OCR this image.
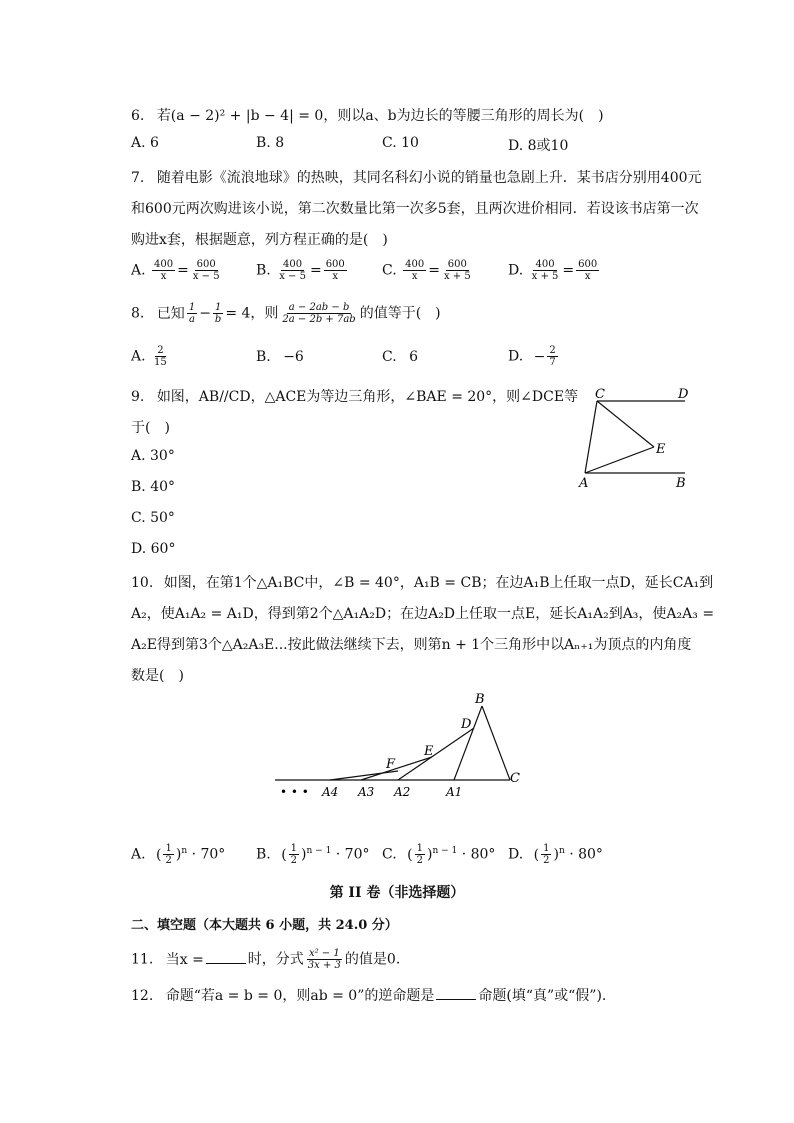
6. 若(a − 2)² + |b − 4| = 0，则以a、b为边长的等腰三角形的周长为(　)
A. 6	B. 8	C. 10	D. 8或10
7. 随着电影《流浪地球》的热映，其同名科幻小说的销量也急剧上升．某书店分别用400元
和600元两次购进该小说，第二次数量比第一次多5套，且两次进价相同．若设该书店第一次
购进x套，根据题意，列方程正确的是(　)
A. $\frac{400}{x} = \frac{600}{x - 5} B$. $\frac{400}{x - 5} = \frac{600}{x}$	C. $\frac{400}{x} = \frac{600}{x + 5}$	D. $\frac{400}{x + 5} = \frac{600}{x}$
8. 已知 $\frac{1}{a} - \frac{1}{b} = 4$，则 $\frac{a - 2ab - b}{2a - 2b + 7ab}$ 的值等于(　)
A. $\frac{2}{15}$	B. −6	C. 6	D. − $\frac{2}{7}$
9. 如图，AB//CD，△ACE为等边三角形，∠BAE = 20°，则∠DCE等
于(　)
A. 30°
B. 40°
C. 50°
D. 60°
C	D
E
A	B
10. 如图，在第1个△A₁BC中，∠B = 40°，A₁B = CB；在边A₁B上任取一点D，延长CA₁到
A₂，使A₁A₂ = A₁D，得到第2个△A₁A₂D；在边A₂D上任取一点E，延长A₁A₂到A₃，使A₂A₃ =
A₂E得到第3个△A₂A₃E...按此做法继续下去，则第n + 1个三角形中以Aₙ₊₁为顶点的内角度
数是(　)
B
D
E
F
C
A1
A2
A3
A4
• • •
A. ( $\frac{1}{2} )^n \cdot 70^\circ$ B. ( $\frac{1}{2} )^{n - 1} \cdot 70^\circ$ C. ( $\frac{1}{2} )^{n - 1} \cdot 80^\circ$ D. ( $\frac{1}{2} )^n \cdot 80^\circ$
第 II 卷（非选择题）
二、填空题（本大题共 6 小题，共 24.0 分）
11. 当x =	时，分式 $\frac{\text{x² − 1}}{3x + 3}$ 的值是0.
12. 命题“若a = b = 0，则ab = 0”的逆命题是	命题(填“真”或“假”).
